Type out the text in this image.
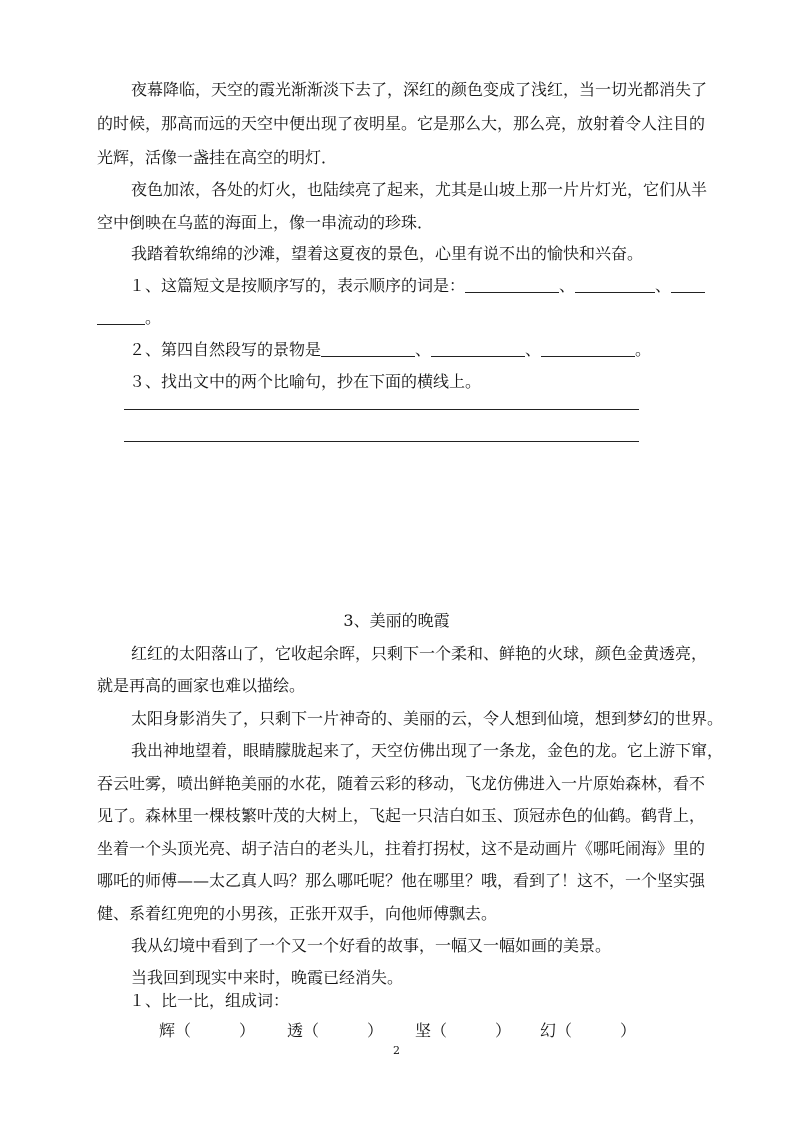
夜幕降临，天空的霞光渐渐淡下去了，深红的颜色变成了浅红，当一切光都消失了
的时候，那高而远的天空中便出现了夜明星。它是那么大，那么亮，放射着令人注目的
光辉，活像一盏挂在高空的明灯．
夜色加浓，各处的灯火，也陆续亮了起来，尤其是山坡上那一片片灯光，它们从半
空中倒映在乌蓝的海面上，像一串流动的珍珠．
我踏着软绵绵的沙滩，望着这夏夜的景色，心里有说不出的愉快和兴奋。
１、这篇短文是按顺序写的，表示顺序的词是：	、	、
。
２、第四自然段写的景物是	、	、	。
３、找出文中的两个比喻句，抄在下面的横线上。
3、美丽的晚霞
红红的太阳落山了，它收起余晖，只剩下一个柔和、鲜艳的火球，颜色金黄透亮，
就是再高的画家也难以描绘。
太阳身影消失了，只剩下一片神奇的、美丽的云，令人想到仙境，想到梦幻的世界。
我出神地望着，眼睛朦胧起来了，天空仿佛出现了一条龙，金色的龙。它上游下窜，
吞云吐雾，喷出鲜艳美丽的水花，随着云彩的移动，飞龙仿佛进入一片原始森林，看不
见了。森林里一棵枝繁叶茂的大树上，飞起一只洁白如玉、顶冠赤色的仙鹤。鹤背上，
坐着一个头顶光亮、胡子洁白的老头儿，拄着打拐杖，这不是动画片《哪吒闹海》里的
哪吒的师傅——太乙真人吗？那么哪吒呢？他在哪里？哦，看到了！这不，一个坚实强
健、系着红兜兜的小男孩，正张开双手，向他师傅飘去。
我从幻境中看到了一个又一个好看的故事，一幅又一幅如画的美景。
当我回到现实中来时，晚霞已经消失。
１、比一比，组成词：
辉（　　　） 透（　　　） 坚（　　　） 幻（　　　）
2
